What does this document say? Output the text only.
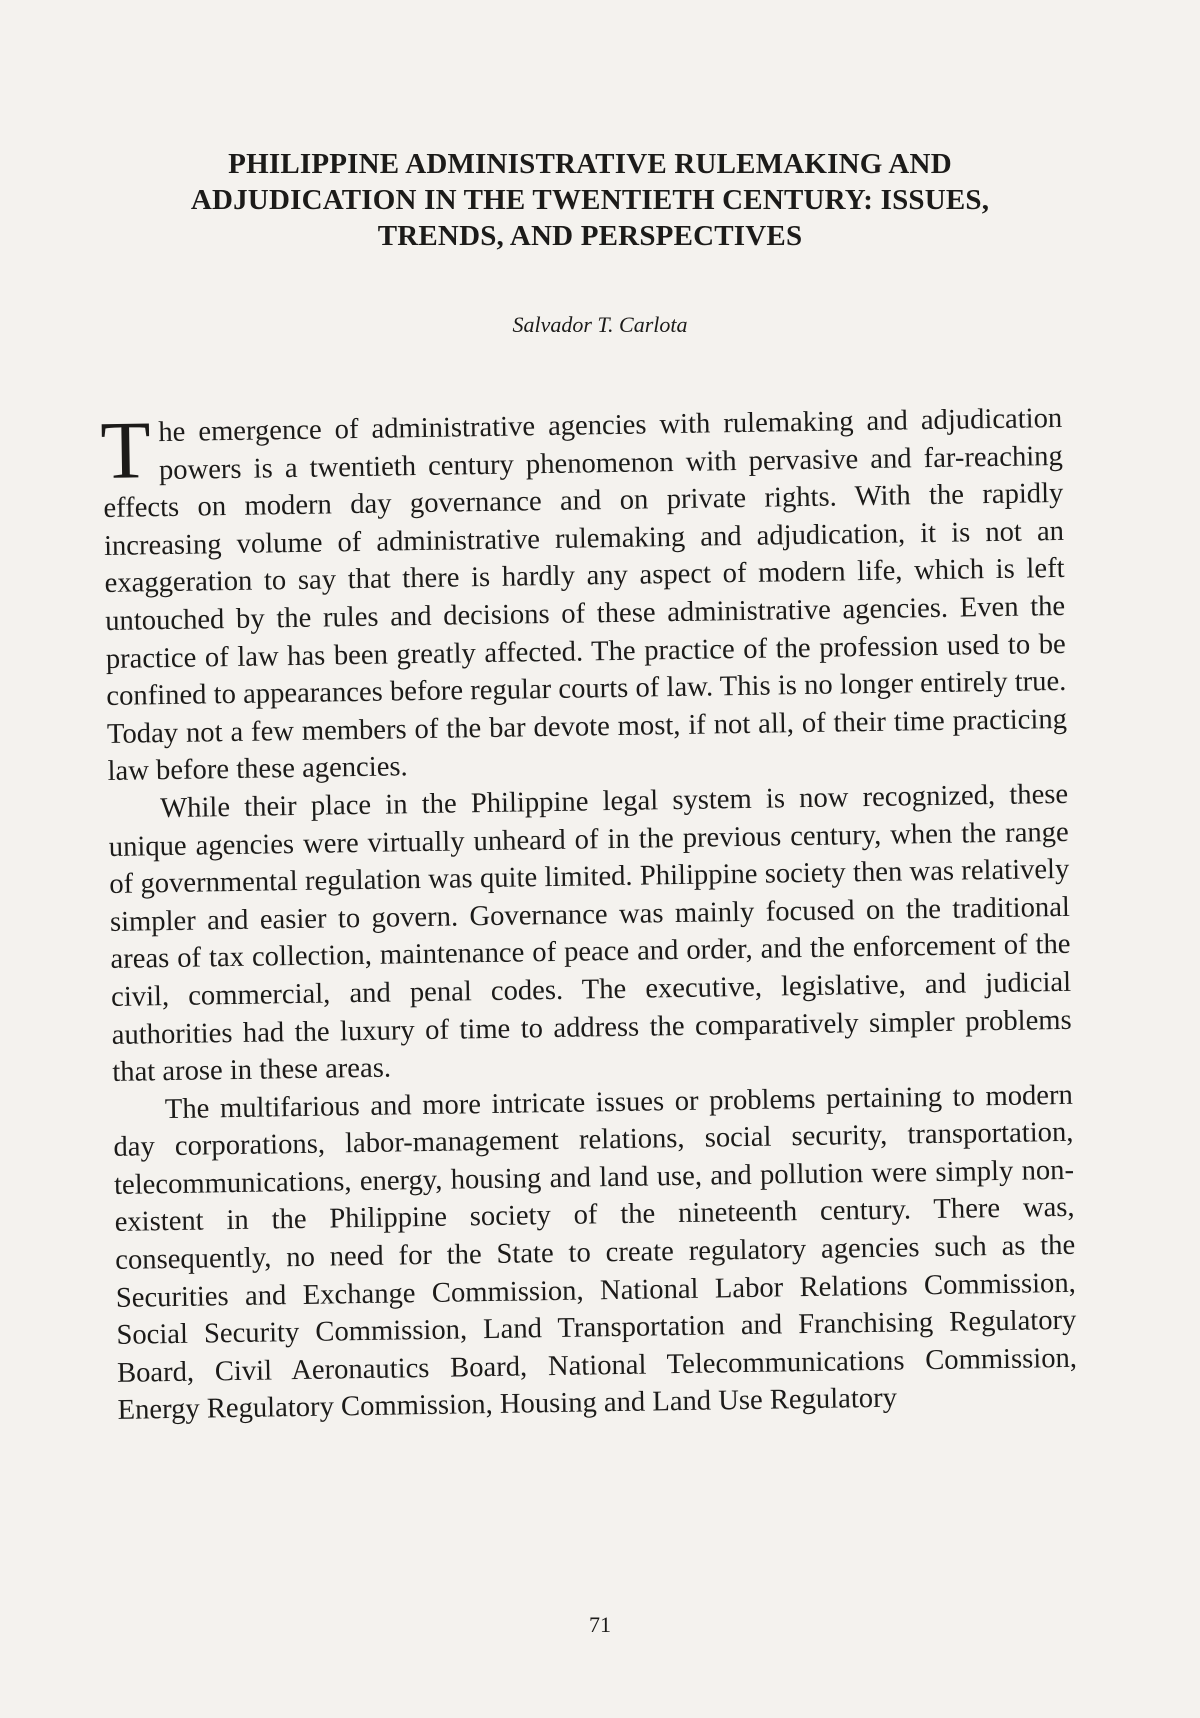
PHILIPPINE ADMINISTRATIVE RULEMAKING AND
ADJUDICATION IN THE TWENTIETH CENTURY: ISSUES,
TRENDS, AND PERSPECTIVES

Salvador T. Carlota

The emergence of administrative agencies with rulemaking and adjudication powers is a twentieth century phenomenon with pervasive and far-reaching effects on modern day governance and on private rights. With the rapidly increasing volume of administrative rulemaking and adjudication, it is not an exaggeration to say that there is hardly any aspect of modern life, which is left untouched by the rules and decisions of these administrative agencies. Even the practice of law has been greatly affected. The practice of the profession used to be confined to appearances before regular courts of law. This is no longer entirely true. Today not a few members of the bar devote most, if not all, of their time practicing law before these agencies.

While their place in the Philippine legal system is now recognized, these unique agencies were virtually unheard of in the previous century, when the range of governmental regulation was quite limited. Philippine society then was relatively simpler and easier to govern. Governance was mainly focused on the traditional areas of tax collection, maintenance of peace and order, and the enforcement of the civil, commercial, and penal codes. The executive, legislative, and judicial authorities had the luxury of time to address the comparatively simpler problems that arose in these areas.

The multifarious and more intricate issues or problems pertaining to modern day corporations, labor-management relations, social security, transportation, telecommunications, energy, housing and land use, and pollution were simply non-existent in the Philippine society of the nineteenth century. There was, consequently, no need for the State to create regulatory agencies such as the Securities and Exchange Commission, National Labor Relations Commission, Social Security Commission, Land Transportation and Franchising Regulatory Board, Civil Aeronautics Board, National Telecommunications Commission, Energy Regulatory Commission, Housing and Land Use Regulatory

71
